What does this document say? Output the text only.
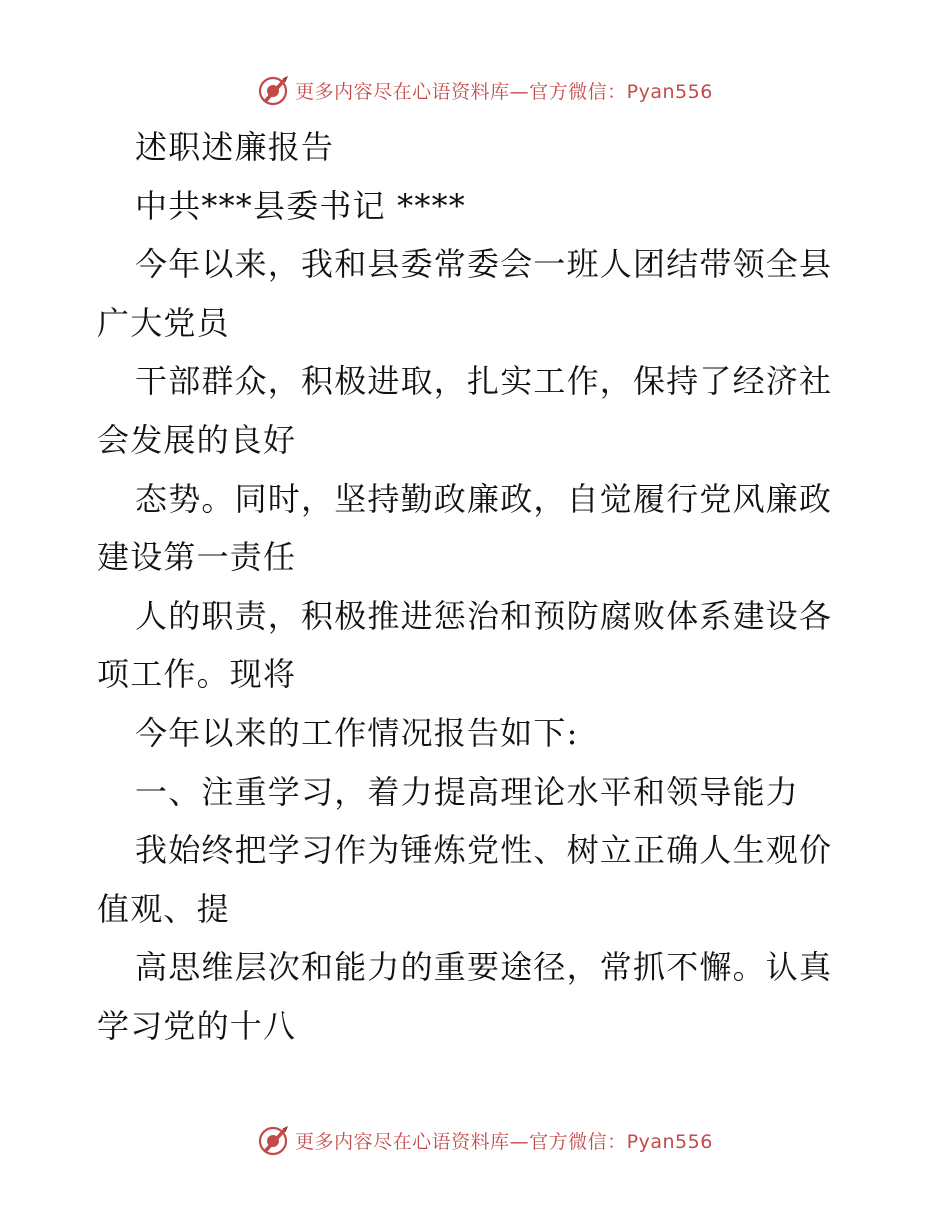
更多内容尽在心语资料库—官方微信：Pyan556
述职述廉报告
中共***县委书记 ****
今年以来，我和县委常委会一班人团结带领全县
广大党员
干部群众，积极进取，扎实工作，保持了经济社
会发展的良好
态势。同时，坚持勤政廉政，自觉履行党风廉政
建设第一责任
人的职责，积极推进惩治和预防腐败体系建设各
项工作。现将
今年以来的工作情况报告如下:
一、注重学习，着力提高理论水平和领导能力
我始终把学习作为锤炼党性、树立正确人生观价
值观、提
高思维层次和能力的重要途径，常抓不懈。认真
学习党的十八
更多内容尽在心语资料库—官方微信：Pyan556
